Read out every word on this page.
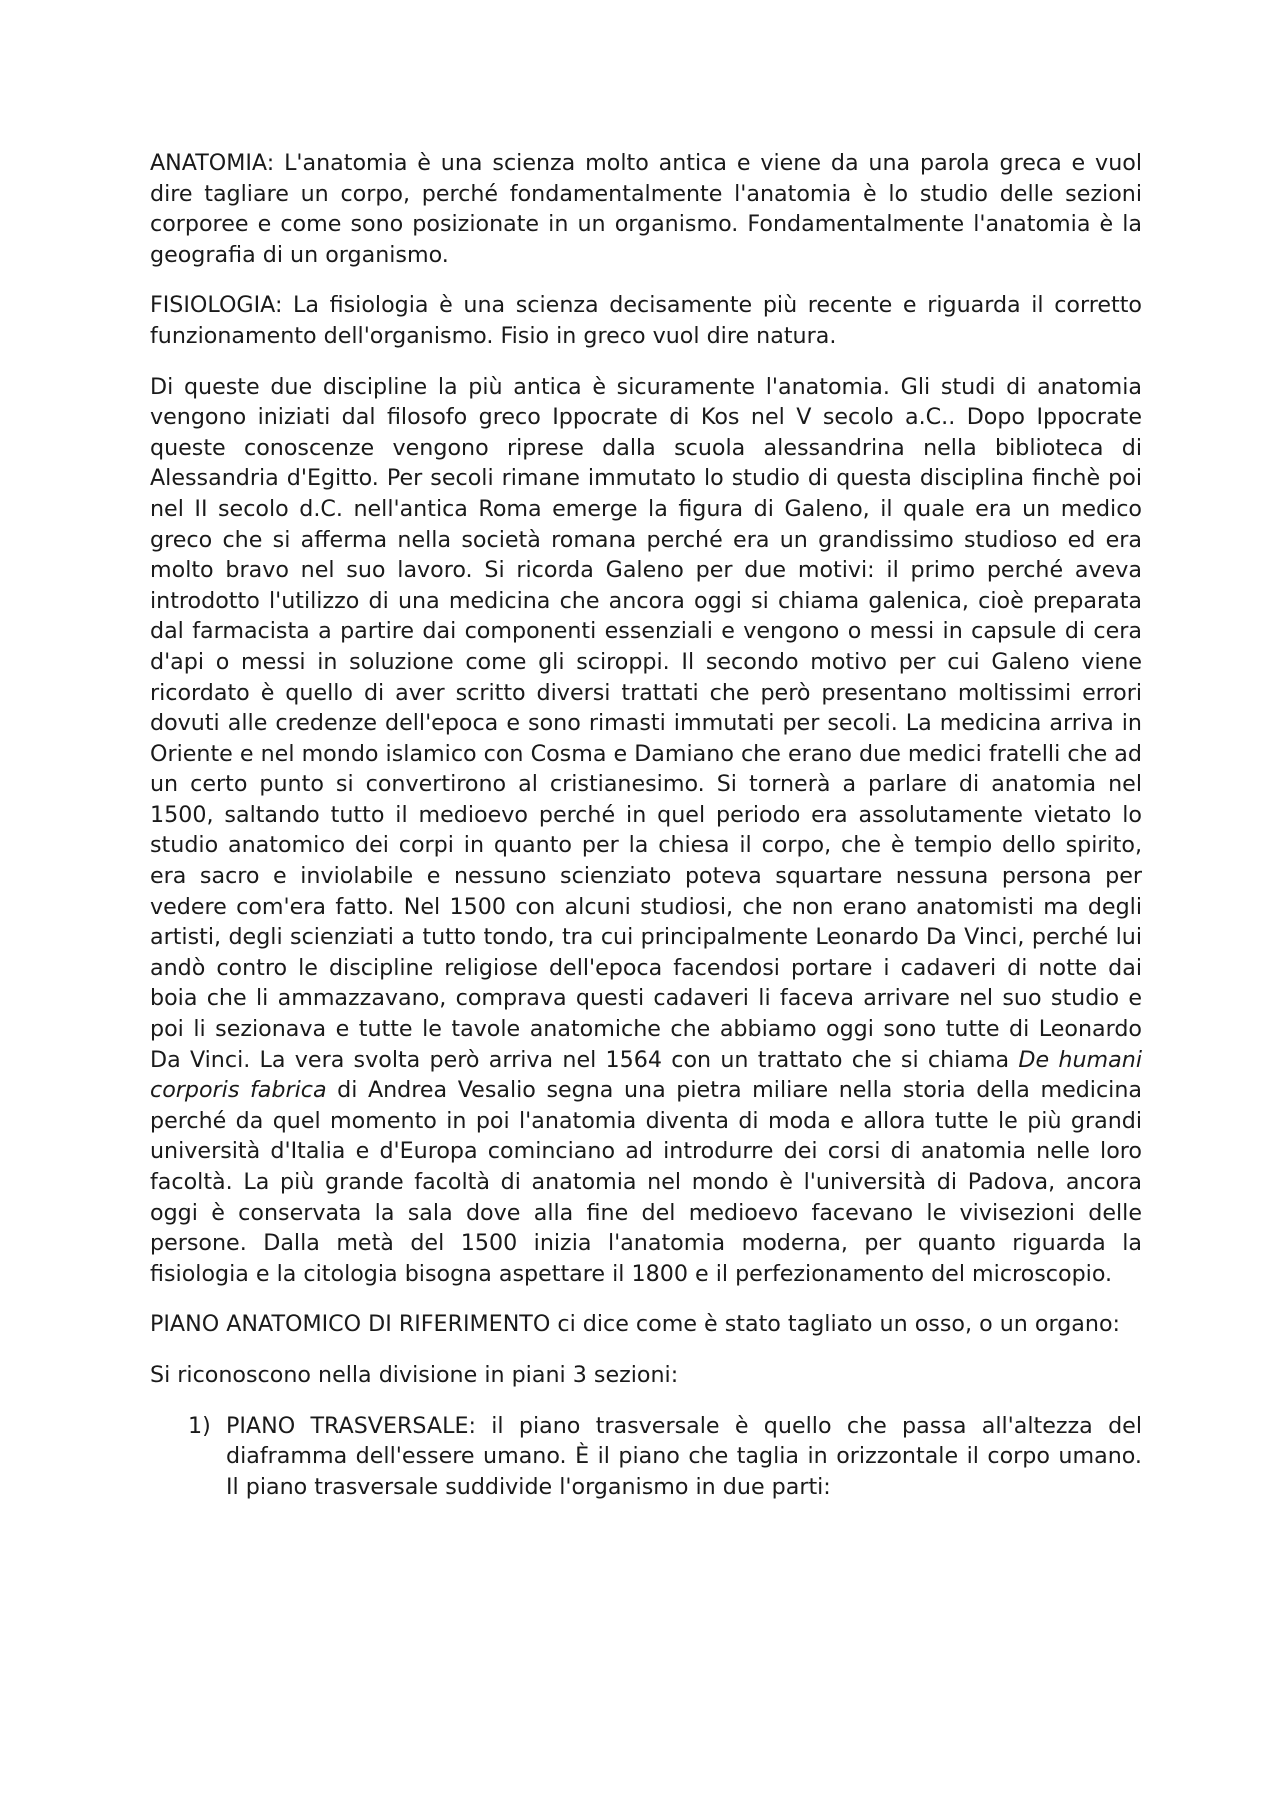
ANATOMIA: L'anatomia è una scienza molto antica e viene da una parola greca e vuol dire tagliare un corpo, perché fondamentalmente l'anatomia è lo studio delle sezioni corporee e come sono posizionate in un organismo. Fondamentalmente l'anatomia è la geografia di un organismo.

FISIOLOGIA: La fisiologia è una scienza decisamente più recente e riguarda il corretto funzionamento dell'organismo. Fisio in greco vuol dire natura.

Di queste due discipline la più antica è sicuramente l'anatomia. Gli studi di anatomia vengono iniziati dal filosofo greco Ippocrate di Kos nel V secolo a.C.. Dopo Ippocrate queste conoscenze vengono riprese dalla scuola alessandrina nella biblioteca di Alessandria d'Egitto. Per secoli rimane immutato lo studio di questa disciplina finchè poi nel II secolo d.C. nell'antica Roma emerge la figura di Galeno, il quale era un medico greco che si afferma nella società romana perché era un grandissimo studioso ed era molto bravo nel suo lavoro. Si ricorda Galeno per due motivi: il primo perché aveva introdotto l'utilizzo di una medicina che ancora oggi si chiama galenica, cioè preparata dal farmacista a partire dai componenti essenziali e vengono o messi in capsule di cera d'api o messi in soluzione come gli sciroppi. Il secondo motivo per cui Galeno viene ricordato è quello di aver scritto diversi trattati che però presentano moltissimi errori dovuti alle credenze dell'epoca e sono rimasti immutati per secoli. La medicina arriva in Oriente e nel mondo islamico con Cosma e Damiano che erano due medici fratelli che ad un certo punto si convertirono al cristianesimo. Si tornerà a parlare di anatomia nel 1500, saltando tutto il medioevo perché in quel periodo era assolutamente vietato lo studio anatomico dei corpi in quanto per la chiesa il corpo, che è tempio dello spirito, era sacro e inviolabile e nessuno scienziato poteva squartare nessuna persona per vedere com'era fatto. Nel 1500 con alcuni studiosi, che non erano anatomisti ma degli artisti, degli scienziati a tutto tondo, tra cui principalmente Leonardo Da Vinci, perché lui andò contro le discipline religiose dell'epoca facendosi portare i cadaveri di notte dai boia che li ammazzavano, comprava questi cadaveri li faceva arrivare nel suo studio e poi li sezionava e tutte le tavole anatomiche che abbiamo oggi sono tutte di Leonardo Da Vinci. La vera svolta però arriva nel 1564 con un trattato che si chiama De humani corporis fabrica di Andrea Vesalio segna una pietra miliare nella storia della medicina perché da quel momento in poi l'anatomia diventa di moda e allora tutte le più grandi università d'Italia e d'Europa cominciano ad introdurre dei corsi di anatomia nelle loro facoltà. La più grande facoltà di anatomia nel mondo è l'università di Padova, ancora oggi è conservata la sala dove alla fine del medioevo facevano le vivisezioni delle persone. Dalla metà del 1500 inizia l'anatomia moderna, per quanto riguarda la fisiologia e la citologia bisogna aspettare il 1800 e il perfezionamento del microscopio.

PIANO ANATOMICO DI RIFERIMENTO ci dice come è stato tagliato un osso, o un organo:

Si riconoscono nella divisione in piani 3 sezioni:

1) PIANO TRASVERSALE: il piano trasversale è quello che passa all'altezza del diaframma dell'essere umano. È il piano che taglia in orizzontale il corpo umano. Il piano trasversale suddivide l'organismo in due parti:
